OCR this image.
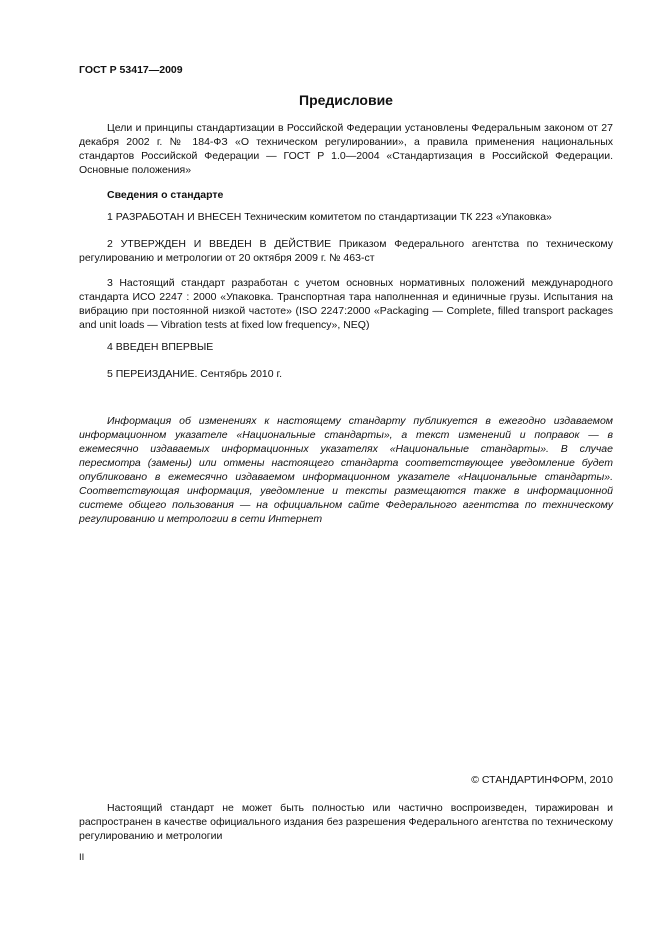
ГОСТ Р 53417—2009
Предисловие
Цели и принципы стандартизации в Российской Федерации установлены Федеральным законом от 27 декабря 2002 г. № 184-ФЗ «О техническом регулировании», а правила применения национальных стандартов Российской Федерации — ГОСТ Р 1.0—2004 «Стандартизация в Российской Федерации. Основные положения»
Сведения о стандарте
1 РАЗРАБОТАН И ВНЕСЕН Техническим комитетом по стандартизации ТК 223 «Упаковка»
2 УТВЕРЖДЕН И ВВЕДЕН В ДЕЙСТВИЕ Приказом Федерального агентства по техническому регулированию и метрологии от 20 октября 2009 г. № 463-ст
3 Настоящий стандарт разработан с учетом основных нормативных положений международного стандарта ИСО 2247 : 2000 «Упаковка. Транспортная тара наполненная и единичные грузы. Испытания на вибрацию при постоянной низкой частоте» (ISO 2247:2000 «Packaging — Complete, filled transport packages and unit loads — Vibration tests at fixed low frequency», NEQ)
4 ВВЕДЕН ВПЕРВЫЕ
5 ПЕРЕИЗДАНИЕ. Сентябрь 2010 г.
Информация об изменениях к настоящему стандарту публикуется в ежегодно издаваемом информационном указателе «Национальные стандарты», а текст изменений и поправок — в ежемесячно издаваемых информационных указателях «Национальные стандарты». В случае пересмотра (замены) или отмены настоящего стандарта соответствующее уведомление будет опубликовано в ежемесячно издаваемом информационном указателе «Национальные стандарты». Соответствующая информация, уведомление и тексты размещаются также в информационной системе общего пользования — на официальном сайте Федерального агентства по техническому регулированию и метрологии в сети Интернет
© СТАНДАРТИНФОРМ, 2010
Настоящий стандарт не может быть полностью или частично воспроизведен, тиражирован и распространен в качестве официального издания без разрешения Федерального агентства по техническому регулированию и метрологии
II
